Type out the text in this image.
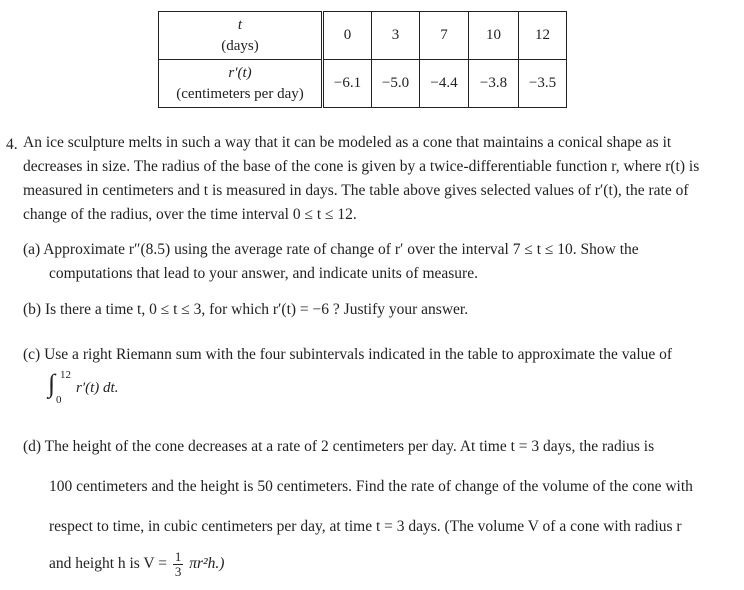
t
(days)	0	3	7	10	12
r′(t)
(centimeters per day)	−6.1	−5.0	−4.4	−3.8	−3.5
4. An ice sculpture melts in such a way that it can be modeled as a cone that maintains a conical shape as it
decreases in size. The radius of the base of the cone is given by a twice-differentiable function r, where r(t) is
measured in centimeters and t is measured in days. The table above gives selected values of r′(t), the rate of
change of the radius, over the time interval 0 ≤ t ≤ 12.
(a) Approximate r″(8.5) using the average rate of change of r′ over the interval 7 ≤ t ≤ 10. Show the
computations that lead to your answer, and indicate units of measure.
(b) Is there a time t, 0 ≤ t ≤ 3, for which r′(t) = −6 ? Justify your answer.
(c) Use a right Riemann sum with the four subintervals indicated in the table to approximate the value of
∫ 12
0
r′(t) dt.
(d) The height of the cone decreases at a rate of 2 centimeters per day. At time t = 3 days, the radius is
100 centimeters and the height is 50 centimeters. Find the rate of change of the volume of the cone with
respect to time, in cubic centimeters per day, at time t = 3 days. (The volume V of a cone with radius r
and height h is $V = \frac{1}{3} \pi r^2h$.)
